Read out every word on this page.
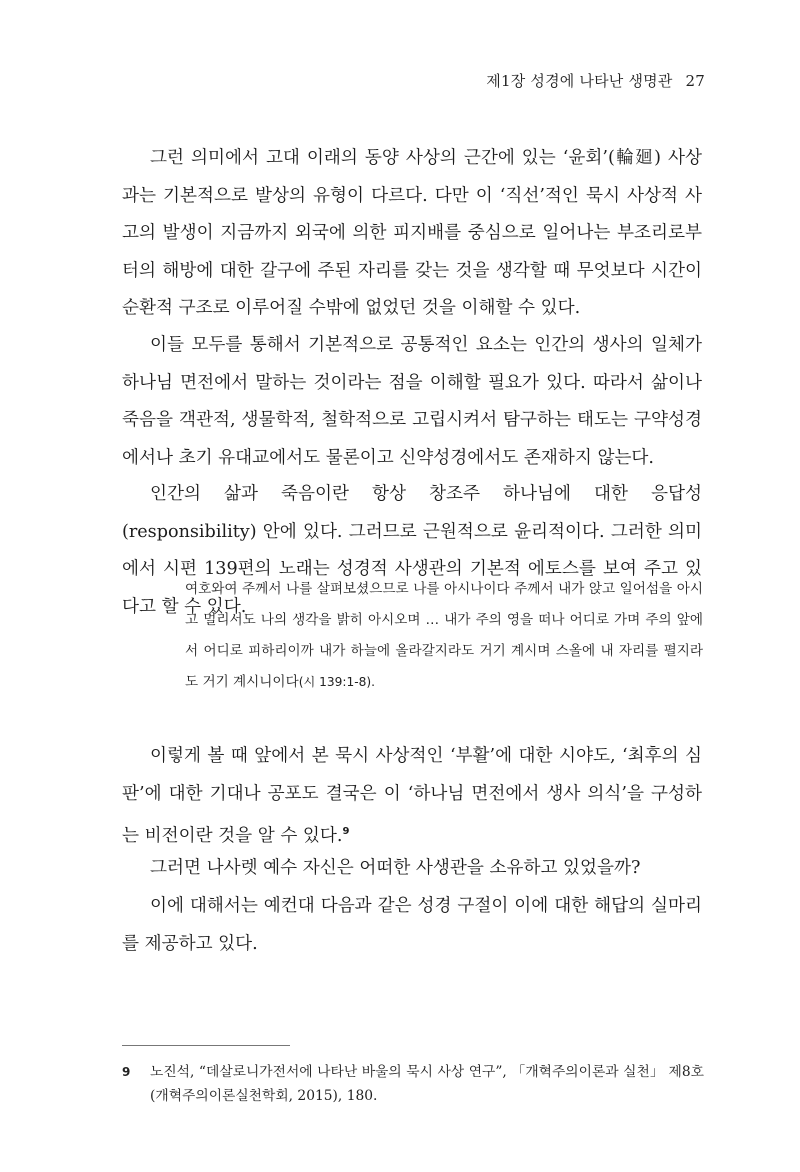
제1장 성경에 나타난 생명관 27

그런 의미에서 고대 이래의 동양 사상의 근간에 있는 ‘윤회’(輪廻) 사상과는 기본적으로 발상의 유형이 다르다. 다만 이 ‘직선’적인 묵시 사상적 사고의 발생이 지금까지 외국에 의한 피지배를 중심으로 일어나는 부조리로부터의 해방에 대한 갈구에 주된 자리를 갖는 것을 생각할 때 무엇보다 시간이 순환적 구조로 이루어질 수밖에 없었던 것을 이해할 수 있다.

이들 모두를 통해서 기본적으로 공통적인 요소는 인간의 생사의 일체가 하나님 면전에서 말하는 것이라는 점을 이해할 필요가 있다. 따라서 삶이나 죽음을 객관적, 생물학적, 철학적으로 고립시켜서 탐구하는 태도는 구약성경에서나 초기 유대교에서도 물론이고 신약성경에서도 존재하지 않는다.

인간의 삶과 죽음이란 항상 창조주 하나님에 대한 응답성(responsibility) 안에 있다. 그러므로 근원적으로 윤리적이다. 그러한 의미에서 시편 139편의 노래는 성경적 사생관의 기본적 에토스를 보여 주고 있다고 할 수 있다.

여호와여 주께서 나를 살펴보셨으므로 나를 아시나이다 주께서 내가 앉고 일어섬을 아시고 멀리서도 나의 생각을 밝히 아시오며 … 내가 주의 영을 떠나 어디로 가며 주의 앞에서 어디로 피하리이까 내가 하늘에 올라갈지라도 거기 계시며 스올에 내 자리를 펼지라도 거기 계시니이다(시 139:1-8).

이렇게 볼 때 앞에서 본 묵시 사상적인 ‘부활’에 대한 시야도, ‘최후의 심판’에 대한 기대나 공포도 결국은 이 ‘하나님 면전에서 생사 의식’을 구성하는 비전이란 것을 알 수 있다.$^9$

그러면 나사렛 예수 자신은 어떠한 사생관을 소유하고 있었을까?

이에 대해서는 예컨대 다음과 같은 성경 구절이 이에 대한 해답의 실마리를 제공하고 있다.

9 노진석, “데살로니가전서에 나타난 바울의 묵시 사상 연구”, 「개혁주의이론과 실천」 제8호 (개혁주의이론실천학회, 2015), 180.
